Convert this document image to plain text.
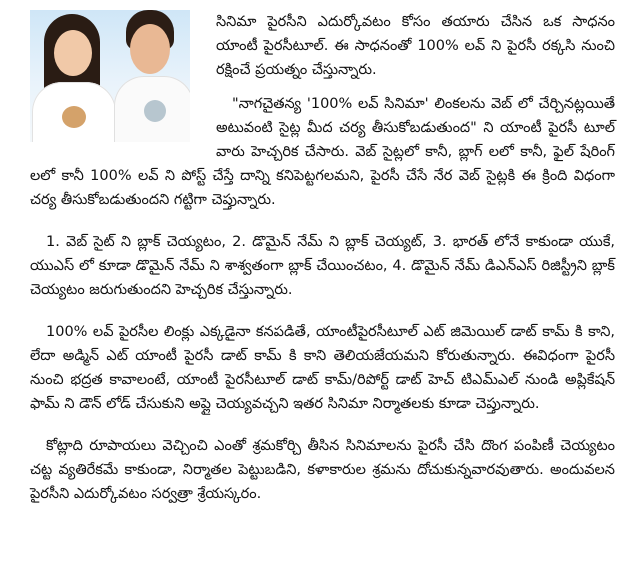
సినిమా పైరసీని ఎదుర్కోవటం కోసం తయారు చేసిన ఒక సాధనం యాంటీ పైరసీటూల్. ఈ సాధనంతో 100% లవ్ ని పైరసీ రక్కసి నుంచి రక్షించే ప్రయత్నం చేస్తున్నారు.

"నాగచైతన్య '100% లవ్ సినిమా' లింకలను వెబ్ లో చేర్చినట్లయితే అటువంటి సైట్ల మీద చర్య తీసుకోబడుతుంద" ని యాంటీ పైరసీ టూల్ వారు హెచ్చరిక చేసారు. వెబ్ సైట్లలో కానీ, బ్లాగ్ లలో కానీ, ఫైల్ షేరింగ్ లలో కానీ 100% లవ్ ని పోస్ట్ చేస్తే దాన్ని కనిపెట్టగలమని, పైరసీ చేసే నేర వెబ్ సైట్లకి ఈ క్రింది విధంగా చర్య తీసుకోబడుతుందని గట్టిగా చెప్తున్నారు.

1. వెబ్ సైట్ ని బ్లాక్ చెయ్యటం, 2. డొమైన్ నేమ్ ని బ్లాక్ చెయ్యట్, 3. భారత్ లోనే కాకుండా యుకే, యుఎస్ లో కూడా డొమైన్ నేమ్ ని శాశ్వతంగా బ్లాక్ చేయించటం, 4. డొమైన్ నేమ్ డిఎన్ఎస్ రిజిస్ట్రీని బ్లాక్ చెయ్యటం జరుగుతుందని హెచ్చరిక చేస్తున్నారు.

100% లవ్ పైరసీల లింక్లు ఎక్కడైనా కనపడితే, యాంటీపైరసీటూల్ ఎట్ జిమెయిల్ డాట్ కామ్ కి కాని, లేదా అడ్మిన్ ఎట్ యాంటీ పైరసీ డాట్ కామ్ కి కాని తెలియజేయమని కోరుతున్నారు. ఈవిధంగా పైరసీ నుంచి భద్రత కావాలంటే, యాంటీ పైరసీటూల్ డాట్ కామ్/రిపోర్ట్ డాట్ హెచ్ టిఎమ్ఎల్ నుండి అప్లికేషన్ ఫామ్ ని డౌన్ లోడ్ చేసుకుని అప్లై చెయ్యవచ్చని ఇతర సినిమా నిర్మాతలకు కూడా చెప్తున్నారు.

కోట్లాది రూపాయలు వెచ్చించి ఎంతో శ్రమకోర్చి తీసిన సినిమాలను పైరసీ చేసి దొంగ పంపిణీ చెయ్యటం చట్ట వ్యతిరేకమే కాకుండా, నిర్మాతల పెట్టుబడిని, కళాకారుల శ్రమను దోచుకున్నవారవుతారు. అందువలన పైరసీని ఎదుర్కోవటం సర్వత్రా శ్రేయస్కరం.
